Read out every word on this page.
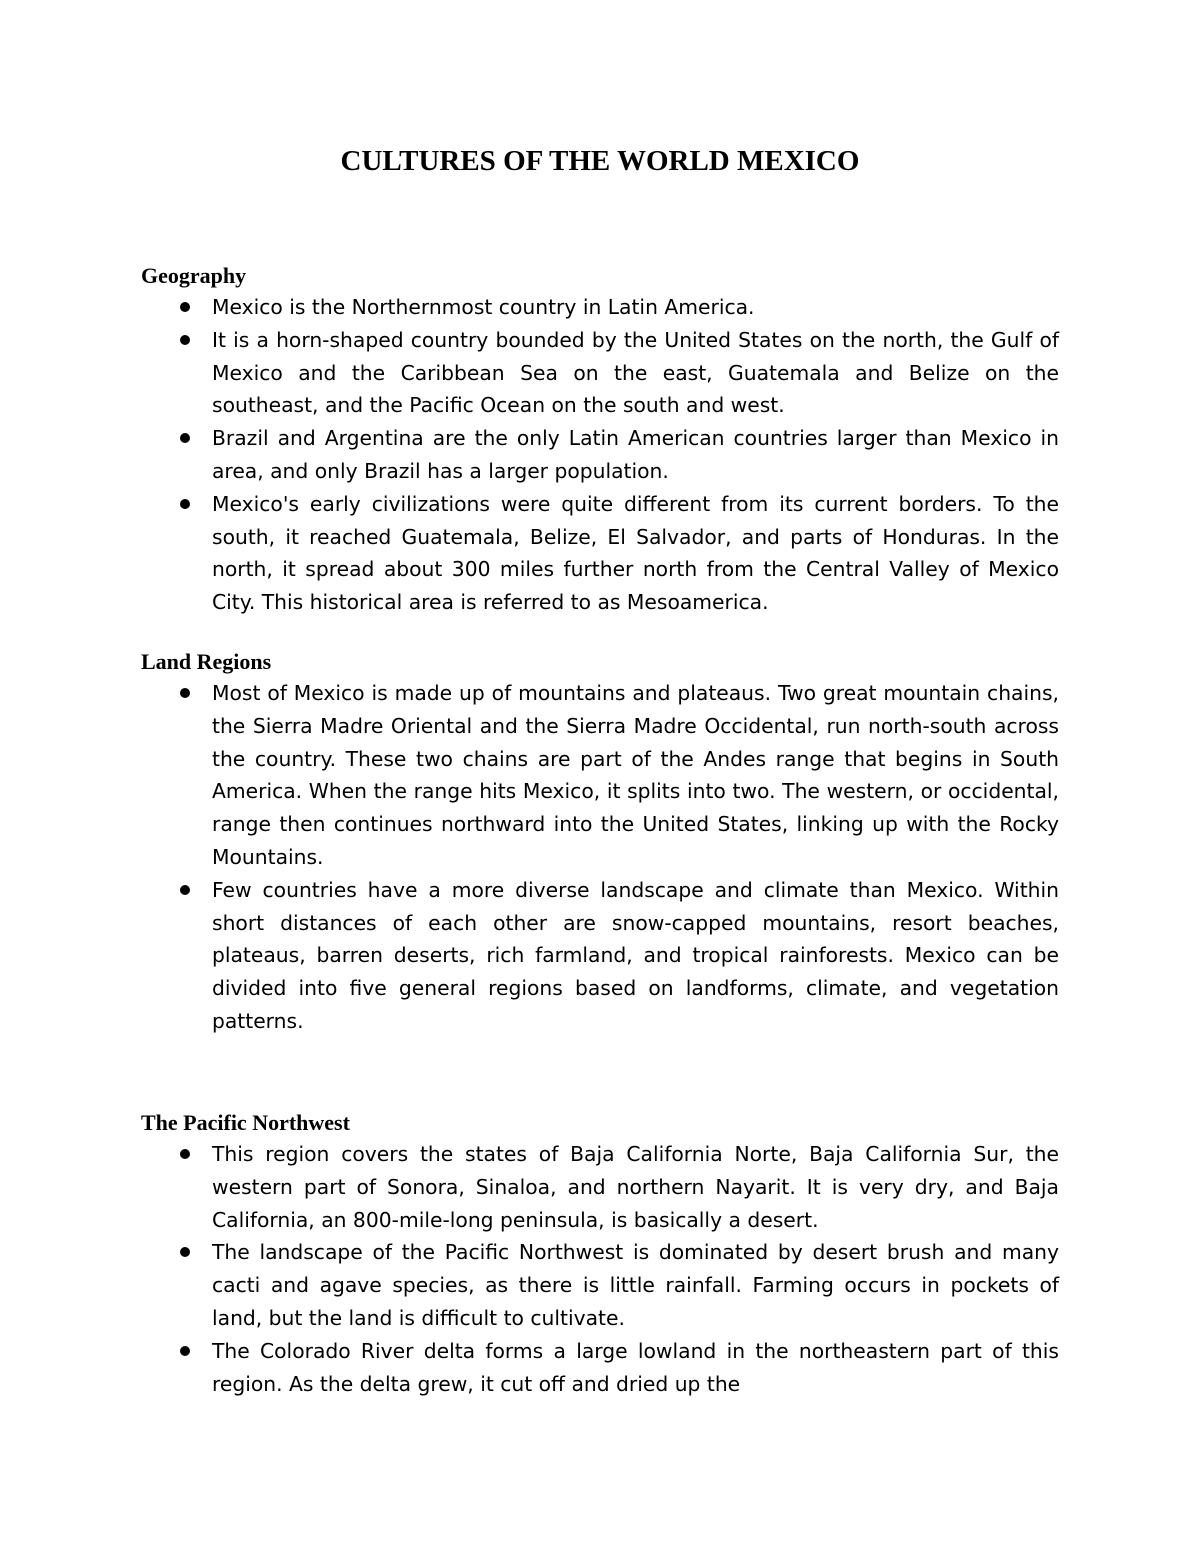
CULTURES OF THE WORLD MEXICO
Geography
Mexico is the Northernmost country in Latin America.
It is a horn-shaped country bounded by the United States on the north, the Gulf of Mexico and the Caribbean Sea on the east, Guatemala and Belize on the southeast, and the Pacific Ocean on the south and west.
Brazil and Argentina are the only Latin American countries larger than Mexico in area, and only Brazil has a larger population.
Mexico's early civilizations were quite different from its current borders. To the south, it reached Guatemala, Belize, El Salvador, and parts of Honduras. In the north, it spread about 300 miles further north from the Central Valley of Mexico City. This historical area is referred to as Mesoamerica.
Land Regions
Most of Mexico is made up of mountains and plateaus. Two great mountain chains, the Sierra Madre Oriental and the Sierra Madre Occidental, run north-south across the country. These two chains are part of the Andes range that begins in South America. When the range hits Mexico, it splits into two. The western, or occidental, range then continues northward into the United States, linking up with the Rocky Mountains.
Few countries have a more diverse landscape and climate than Mexico. Within short distances of each other are snow-capped mountains, resort beaches, plateaus, barren deserts, rich farmland, and tropical rainforests. Mexico can be divided into five general regions based on landforms, climate, and vegetation patterns.
The Pacific Northwest
This region covers the states of Baja California Norte, Baja California Sur, the western part of Sonora, Sinaloa, and northern Nayarit. It is very dry, and Baja California, an 800-mile-long peninsula, is basically a desert.
The landscape of the Pacific Northwest is dominated by desert brush and many cacti and agave species, as there is little rainfall. Farming occurs in pockets of land, but the land is difficult to cultivate.
The Colorado River delta forms a large lowland in the northeastern part of this region. As the delta grew, it cut off and dried up the
